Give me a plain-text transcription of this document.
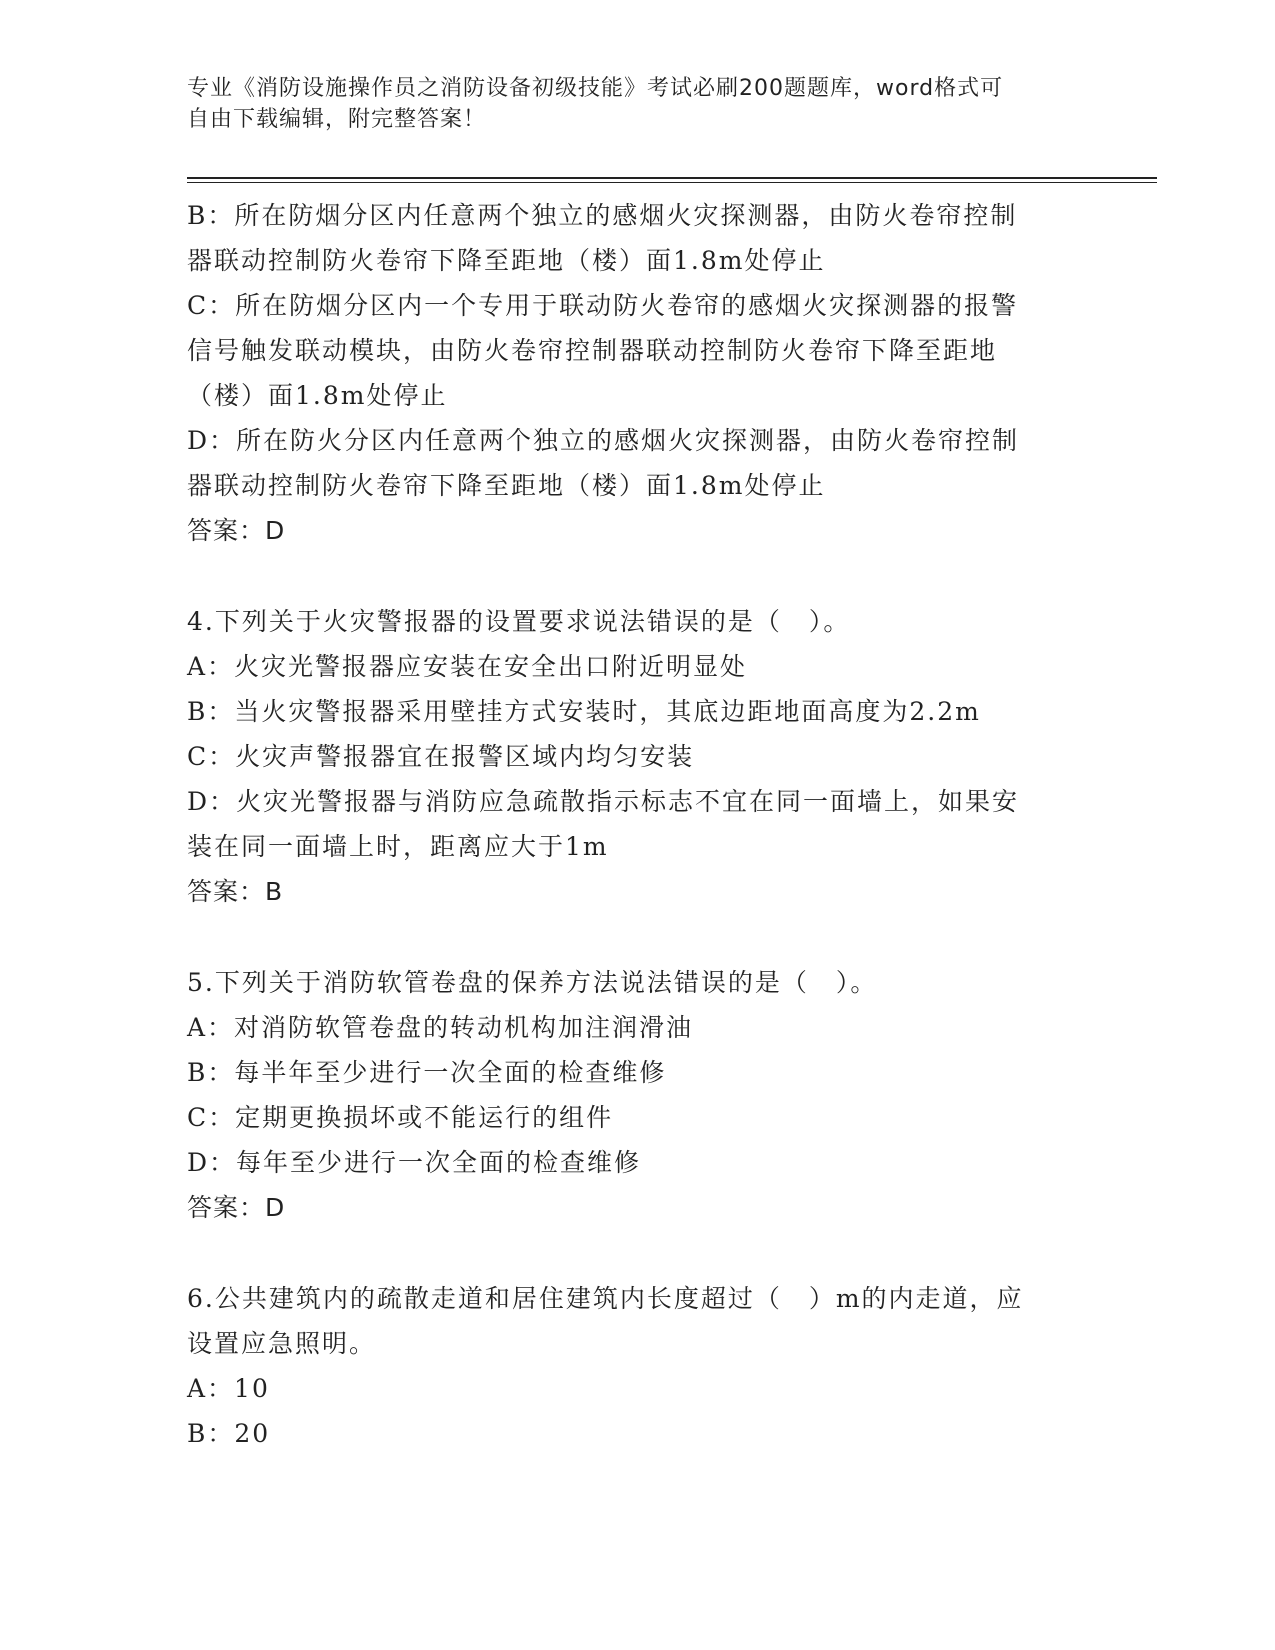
专业《消防设施操作员之消防设备初级技能》考试必刷200题题库，word格式可
自由下载编辑，附完整答案！
B：所在防烟分区内任意两个独立的感烟火灾探测器，由防火卷帘控制
器联动控制防火卷帘下降至距地（楼）面1.8m处停止
C：所在防烟分区内一个专用于联动防火卷帘的感烟火灾探测器的报警
信号触发联动模块，由防火卷帘控制器联动控制防火卷帘下降至距地
（楼）面1.8m处停止
D：所在防火分区内任意两个独立的感烟火灾探测器，由防火卷帘控制
器联动控制防火卷帘下降至距地（楼）面1.8m处停止
答案：D
4.下列关于火灾警报器的设置要求说法错误的是（　）。
A：火灾光警报器应安装在安全出口附近明显处
B：当火灾警报器采用壁挂方式安装时，其底边距地面高度为2.2m
C：火灾声警报器宜在报警区域内均匀安装
D：火灾光警报器与消防应急疏散指示标志不宜在同一面墙上，如果安
装在同一面墙上时，距离应大于1m
答案：B
5.下列关于消防软管卷盘的保养方法说法错误的是（　）。
A：对消防软管卷盘的转动机构加注润滑油
B：每半年至少进行一次全面的检查维修
C：定期更换损坏或不能运行的组件
D：每年至少进行一次全面的检查维修
答案：D
6.公共建筑内的疏散走道和居住建筑内长度超过（　）m的内走道，应
设置应急照明。
A：10
B：20
